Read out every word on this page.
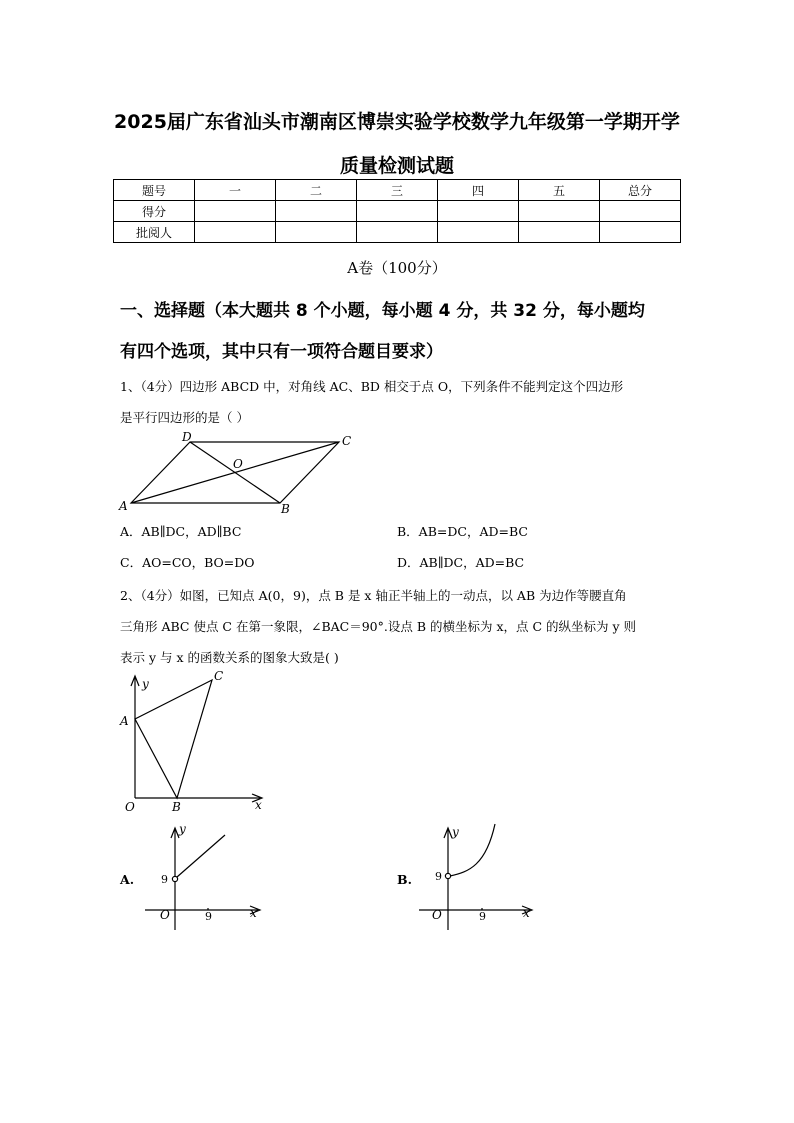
2025届广东省汕头市潮南区博崇实验学校数学九年级第一学期开学
质量检测试题
题号	一	二	三	四	五	总分
得分						
批阅人						
A卷（100分）
一、选择题（本大题共 8 个小题，每小题 4 分，共 32 分，每小题均
有四个选项，其中只有一项符合题目要求）
1、（4分）四边形 ABCD 中，对角线 AC、BD 相交于点 O，下列条件不能判定这个四边形
是平行四边形的是（ ）
A
D	C
B
O
A．AB∥DC，AD∥BC	B．AB=DC，AD=BC
C．AO=CO，BO=DO	D．AB∥DC，AD=BC
2、（4分）如图，已知点 A(0，9)，点 B 是 x 轴正半轴上的一动点，以 AB 为边作等腰直角
三角形 ABC 使点 C 在第一象限，∠BAC＝90°.设点 B 的横坐标为 x，点 C 的纵坐标为 y 则
表示 y 与 x 的函数关系的图象大致是( )
y
A
C
O	B	x
A.
y
9
O	9	x
B.
y
9
O	9	x
